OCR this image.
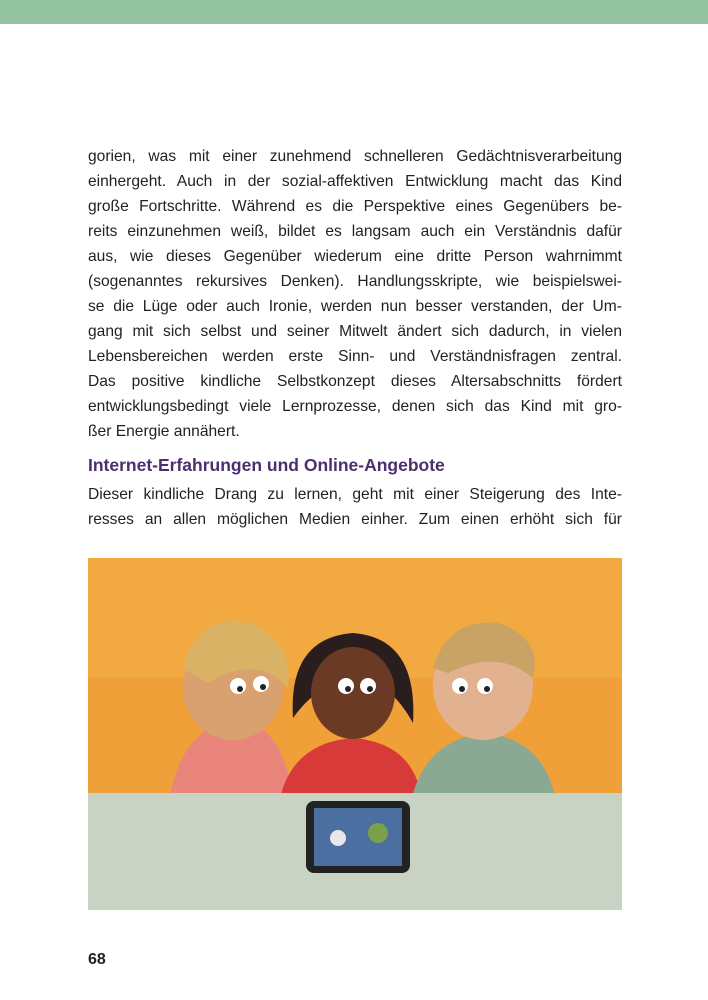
gorien, was mit einer zunehmend schnelleren Gedächtnisverarbeitung
einhergeht. Auch in der sozial-affektiven Entwicklung macht das Kind
große Fortschritte. Während es die Perspektive eines Gegenübers be-
reits einzunehmen weiß, bildet es langsam auch ein Verständnis dafür
aus, wie dieses Gegenüber wiederum eine dritte Person wahrnimmt
(sogenanntes rekursives Denken). Handlungsskripte, wie beispielswei-
se die Lüge oder auch Ironie, werden nun besser verstanden, der Um-
gang mit sich selbst und seiner Mitwelt ändert sich dadurch, in vielen
Lebensbereichen werden erste Sinn- und Verständnisfragen zentral.
Das positive kindliche Selbstkonzept dieses Altersabschnitts fördert
entwicklungsbedingt viele Lernprozesse, denen sich das Kind mit gro-
ßer Energie annähert.
Internet-Erfahrungen und Online-Angebote
Dieser kindliche Drang zu lernen, geht mit einer Steigerung des Inte-
resses an allen möglichen Medien einher. Zum einen erhöht sich für
68
